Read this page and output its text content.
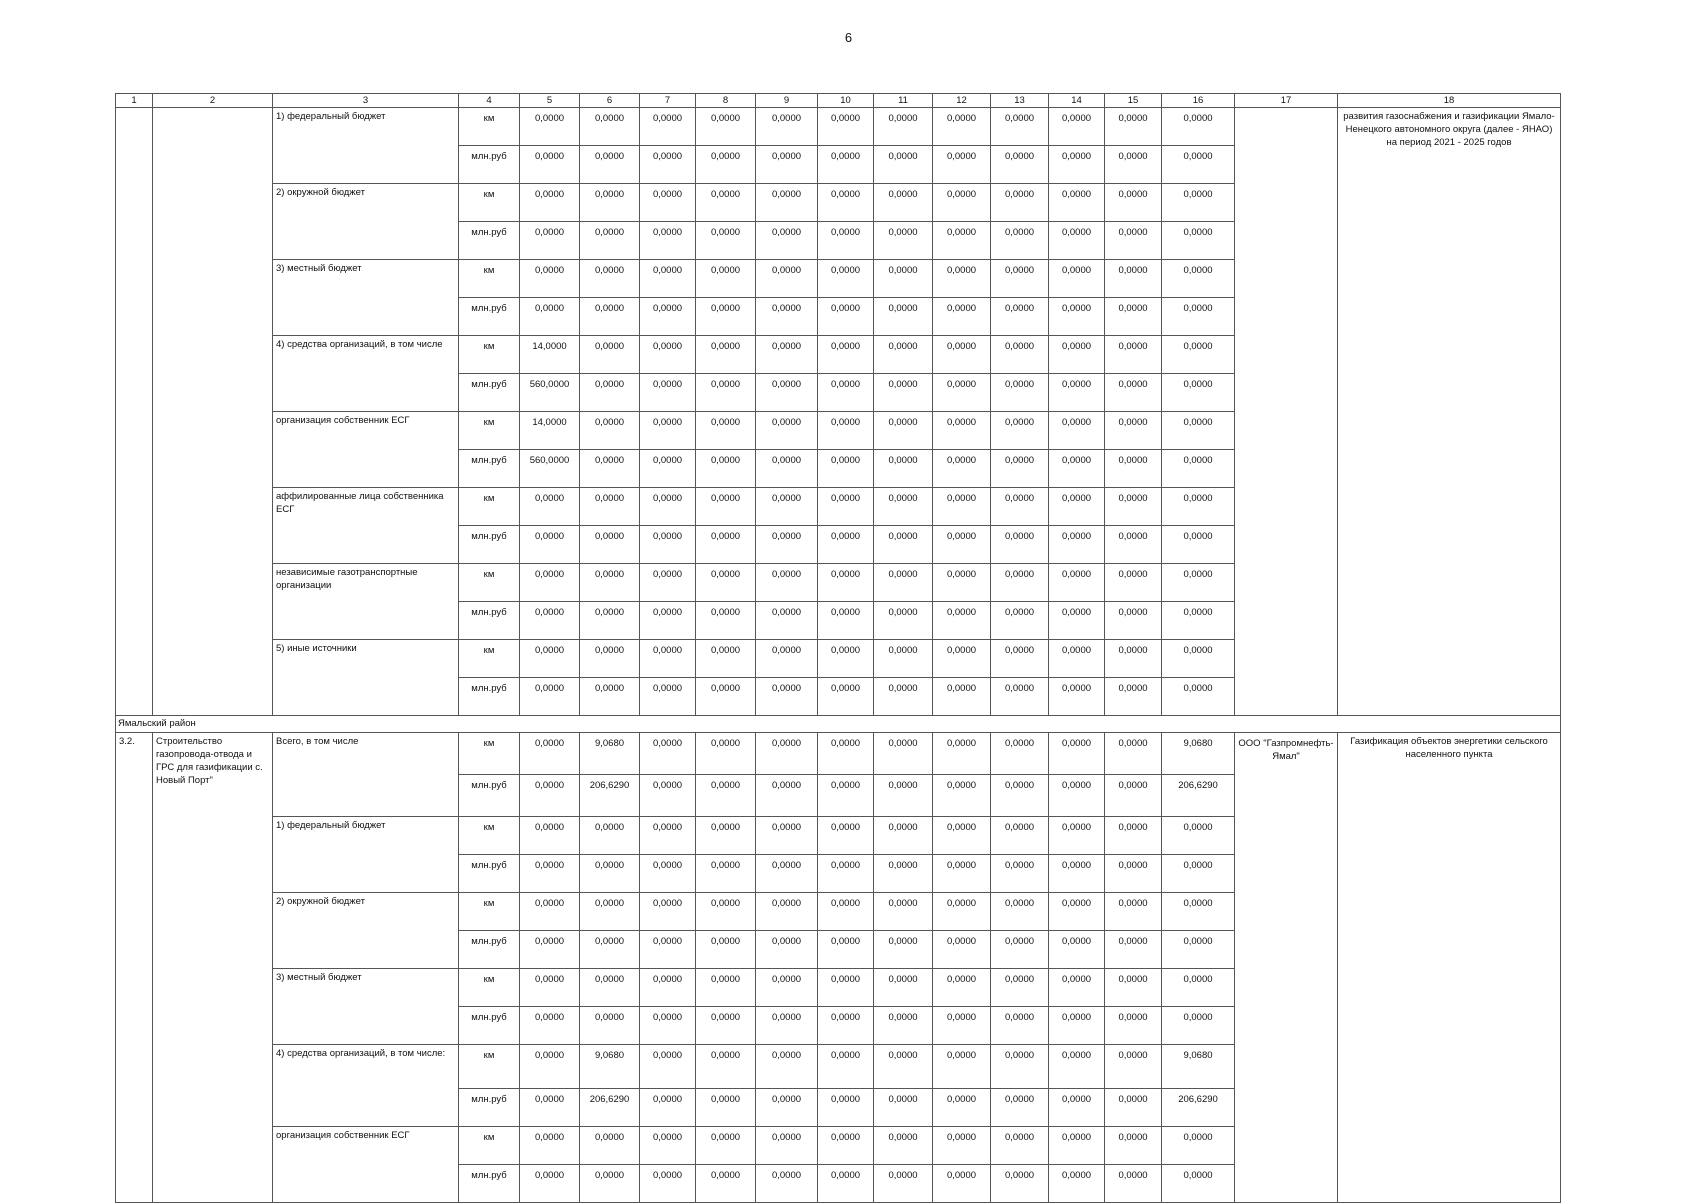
6
1	2	3	4	5	6	7	8	9	10	11	12	13	14	15	16	17	18
		1) федеральный бюджет	км	0,0000	0,0000	0,0000	0,0000	0,0000	0,0000	0,0000	0,0000	0,0000	0,0000	0,0000	0,0000		развития газоснабжения и газификации Ямало-Ненецкого автономного округа (далее - ЯНАО) на период 2021 - 2025 годов
			млн.руб	0,0000	0,0000	0,0000	0,0000	0,0000	0,0000	0,0000	0,0000	0,0000	0,0000	0,0000	0,0000		
		2) окружной бюджет	км	0,0000	0,0000	0,0000	0,0000	0,0000	0,0000	0,0000	0,0000	0,0000	0,0000	0,0000	0,0000		
			млн.руб	0,0000	0,0000	0,0000	0,0000	0,0000	0,0000	0,0000	0,0000	0,0000	0,0000	0,0000	0,0000		
		3) местный бюджет	км	0,0000	0,0000	0,0000	0,0000	0,0000	0,0000	0,0000	0,0000	0,0000	0,0000	0,0000	0,0000		
			млн.руб	0,0000	0,0000	0,0000	0,0000	0,0000	0,0000	0,0000	0,0000	0,0000	0,0000	0,0000	0,0000		
		4) средства организаций, в том числе	км	14,0000	0,0000	0,0000	0,0000	0,0000	0,0000	0,0000	0,0000	0,0000	0,0000	0,0000	0,0000		
			млн.руб	560,0000	0,0000	0,0000	0,0000	0,0000	0,0000	0,0000	0,0000	0,0000	0,0000	0,0000	0,0000		
		организация собственник ЕСГ	км	14,0000	0,0000	0,0000	0,0000	0,0000	0,0000	0,0000	0,0000	0,0000	0,0000	0,0000	0,0000		
			млн.руб	560,0000	0,0000	0,0000	0,0000	0,0000	0,0000	0,0000	0,0000	0,0000	0,0000	0,0000	0,0000		
		аффилированные лица собственника ЕСГ	км	0,0000	0,0000	0,0000	0,0000	0,0000	0,0000	0,0000	0,0000	0,0000	0,0000	0,0000	0,0000		
			млн.руб	0,0000	0,0000	0,0000	0,0000	0,0000	0,0000	0,0000	0,0000	0,0000	0,0000	0,0000	0,0000		
		независимые газотранспортные организации	км	0,0000	0,0000	0,0000	0,0000	0,0000	0,0000	0,0000	0,0000	0,0000	0,0000	0,0000	0,0000		
			млн.руб	0,0000	0,0000	0,0000	0,0000	0,0000	0,0000	0,0000	0,0000	0,0000	0,0000	0,0000	0,0000		
		5) иные источники	км	0,0000	0,0000	0,0000	0,0000	0,0000	0,0000	0,0000	0,0000	0,0000	0,0000	0,0000	0,0000		
			млн.руб	0,0000	0,0000	0,0000	0,0000	0,0000	0,0000	0,0000	0,0000	0,0000	0,0000	0,0000	0,0000		
Ямальский район																	
3.2.	Строительство газопровода-отвода и ГРС для газификации с. Новый Порт"	Всего, в том числе	км	0,0000	9,0680	0,0000	0,0000	0,0000	0,0000	0,0000	0,0000	0,0000	0,0000	0,0000	9,0680	ООО "Газпромнефть-Ямал"	Газификация объектов энергетики сельского населенного пункта
			млн.руб	0,0000	206,6290	0,0000	0,0000	0,0000	0,0000	0,0000	0,0000	0,0000	0,0000	0,0000	206,6290		
		1) федеральный бюджет	км	0,0000	0,0000	0,0000	0,0000	0,0000	0,0000	0,0000	0,0000	0,0000	0,0000	0,0000	0,0000		
			млн.руб	0,0000	0,0000	0,0000	0,0000	0,0000	0,0000	0,0000	0,0000	0,0000	0,0000	0,0000	0,0000		
		2) окружной бюджет	км	0,0000	0,0000	0,0000	0,0000	0,0000	0,0000	0,0000	0,0000	0,0000	0,0000	0,0000	0,0000		
			млн.руб	0,0000	0,0000	0,0000	0,0000	0,0000	0,0000	0,0000	0,0000	0,0000	0,0000	0,0000	0,0000		
		3) местный бюджет	км	0,0000	0,0000	0,0000	0,0000	0,0000	0,0000	0,0000	0,0000	0,0000	0,0000	0,0000	0,0000		
			млн.руб	0,0000	0,0000	0,0000	0,0000	0,0000	0,0000	0,0000	0,0000	0,0000	0,0000	0,0000	0,0000		
		4) средства организаций, в том числе:	км	0,0000	9,0680	0,0000	0,0000	0,0000	0,0000	0,0000	0,0000	0,0000	0,0000	0,0000	9,0680		
			млн.руб	0,0000	206,6290	0,0000	0,0000	0,0000	0,0000	0,0000	0,0000	0,0000	0,0000	0,0000	206,6290		
		организация собственник ЕСГ	км	0,0000	0,0000	0,0000	0,0000	0,0000	0,0000	0,0000	0,0000	0,0000	0,0000	0,0000	0,0000		
			млн.руб	0,0000	0,0000	0,0000	0,0000	0,0000	0,0000	0,0000	0,0000	0,0000	0,0000	0,0000	0,0000		
